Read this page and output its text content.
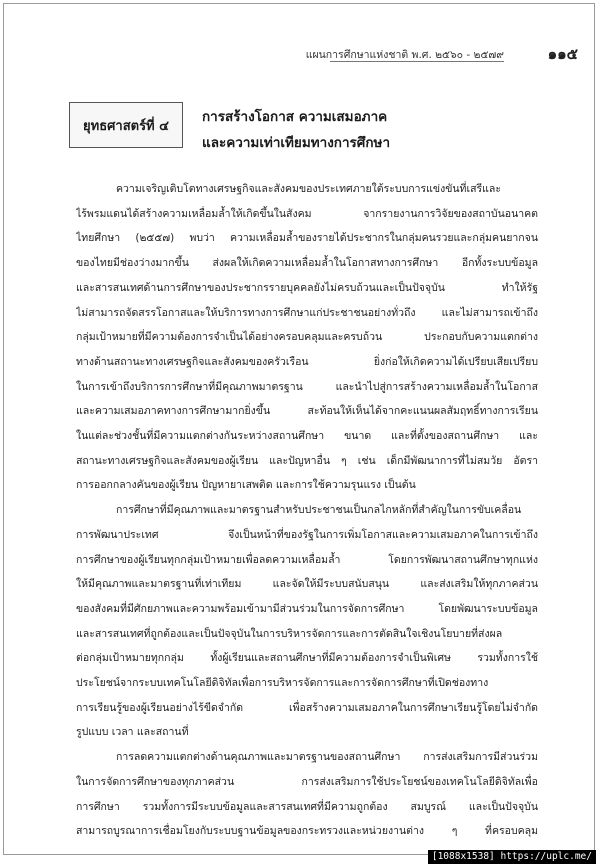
แผนการศึกษาแห่งชาติ พ.ศ. ๒๕๖๐ - ๒๕๗๙	๑๑๕
ยุทธศาสตร์ที่ ๔
การสร้างโอกาส ความเสมอภาค
และความเท่าเทียมทางการศึกษา
ความเจริญเติบโตทางเศรษฐกิจและสังคมของประเทศภายใต้ระบบการแข่งขันที่เสรีและ
ไร้พรมแดนได้สร้างความเหลื่อมล้ำให้เกิดขึ้นในสังคม จากรายงานการวิจัยของสถาบันอนาคต
ไทยศึกษา (๒๕๕๗) พบว่า ความเหลื่อมล้ำของรายได้ประชากรในกลุ่มคนรวยและกลุ่มคนยากจน
ของไทยมีช่องว่างมากขึ้น ส่งผลให้เกิดความเหลื่อมล้ำในโอกาสทางการศึกษา อีกทั้งระบบข้อมูล
และสารสนเทศด้านการศึกษาของประชากรรายบุคคลยังไม่ครบถ้วนและเป็นปัจจุบัน ทำให้รัฐ
ไม่สามารถจัดสรรโอกาสและให้บริการทางการศึกษาแก่ประชาชนอย่างทั่วถึง และไม่สามารถเข้าถึง
กลุ่มเป้าหมายที่มีความต้องการจำเป็นได้อย่างครอบคลุมและครบถ้วน ประกอบกับความแตกต่าง
ทางด้านสถานะทางเศรษฐกิจและสังคมของครัวเรือน ยิ่งก่อให้เกิดความได้เปรียบเสียเปรียบ
ในการเข้าถึงบริการการศึกษาที่มีคุณภาพมาตรฐาน และนำไปสู่การสร้างความเหลื่อมล้ำในโอกาส
และความเสมอภาคทางการศึกษามากยิ่งขึ้น สะท้อนให้เห็นได้จากคะแนนผลสัมฤทธิ์ทางการเรียน
ในแต่ละช่วงชั้นที่มีความแตกต่างกันระหว่างสถานศึกษา ขนาด และที่ตั้งของสถานศึกษา และ
สถานะทางเศรษฐกิจและสังคมของผู้เรียน และปัญหาอื่น ๆ เช่น เด็กมีพัฒนาการที่ไม่สมวัย อัตรา
การออกกลางคันของผู้เรียน ปัญหายาเสพติด และการใช้ความรุนแรง เป็นต้น
การศึกษาที่มีคุณภาพและมาตรฐานสำหรับประชาชนเป็นกลไกหลักที่สำคัญในการขับเคลื่อน
การพัฒนาประเทศ จึงเป็นหน้าที่ของรัฐในการเพิ่มโอกาสและความเสมอภาคในการเข้าถึง
การศึกษาของผู้เรียนทุกกลุ่มเป้าหมายเพื่อลดความเหลื่อมล้ำ โดยการพัฒนาสถานศึกษาทุกแห่ง
ให้มีคุณภาพและมาตรฐานที่เท่าเทียม และจัดให้มีระบบสนับสนุน และส่งเสริมให้ทุกภาคส่วน
ของสังคมที่มีศักยภาพและความพร้อมเข้ามามีส่วนร่วมในการจัดการศึกษา โดยพัฒนาระบบข้อมูล
และสารสนเทศที่ถูกต้องและเป็นปัจจุบันในการบริหารจัดการและการตัดสินใจเชิงนโยบายที่ส่งผล
ต่อกลุ่มเป้าหมายทุกกลุ่ม ทั้งผู้เรียนและสถานศึกษาที่มีความต้องการจำเป็นพิเศษ รวมทั้งการใช้
ประโยชน์จากระบบเทคโนโลยีดิจิทัลเพื่อการบริหารจัดการและการจัดการศึกษาที่เปิดช่องทาง
การเรียนรู้ของผู้เรียนอย่างไร้ขีดจำกัด เพื่อสร้างความเสมอภาคในการศึกษาเรียนรู้โดยไม่จำกัด
รูปแบบ เวลา และสถานที่
การลดความแตกต่างด้านคุณภาพและมาตรฐานของสถานศึกษา การส่งเสริมการมีส่วนร่วม
ในการจัดการศึกษาของทุกภาคส่วน การส่งเสริมการใช้ประโยชน์ของเทคโนโลยีดิจิทัลเพื่อ
การศึกษา รวมทั้งการมีระบบข้อมูลและสารสนเทศที่มีความถูกต้อง สมบูรณ์ และเป็นปัจจุบัน
สามารถบูรณาการเชื่อมโยงกับระบบฐานข้อมูลของกระทรวงและหน่วยงานต่าง ๆ ที่ครอบคลุม
[1088x1538] https://uplc.me/
